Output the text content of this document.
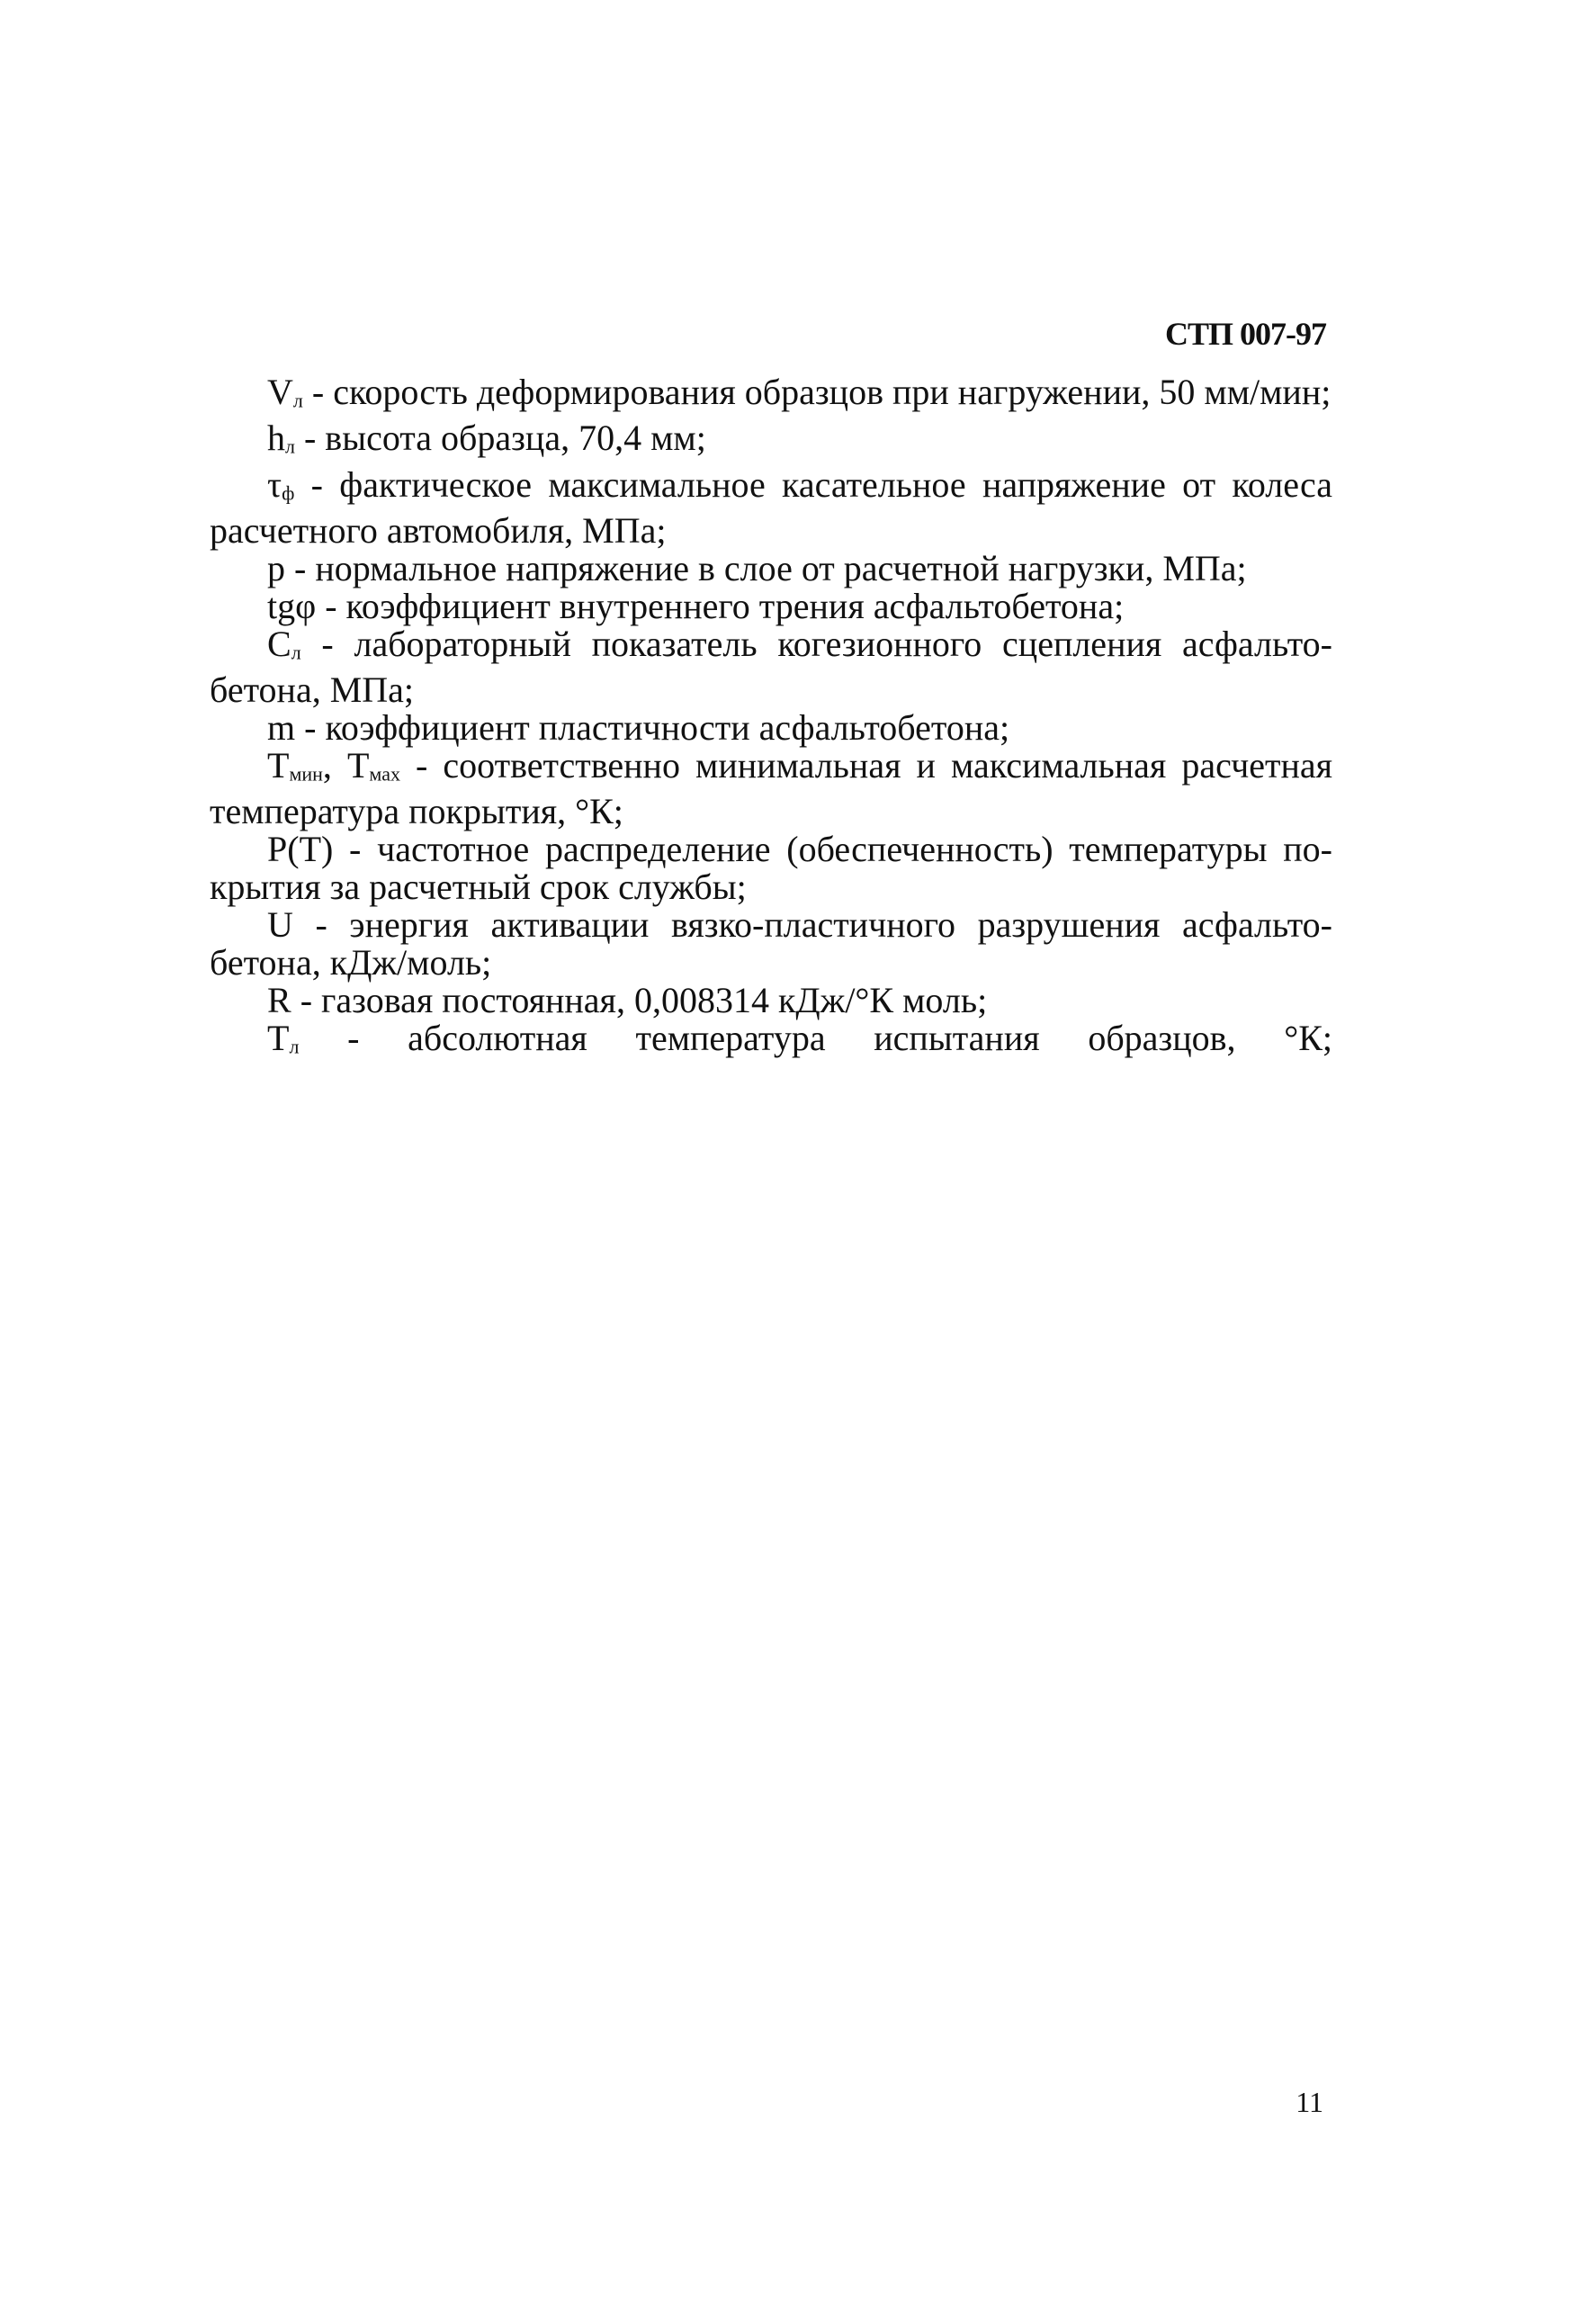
СТП 007-97

Vл - скорость деформирования образцов при нагружении, 50 мм/мин;

hл - высота образца, 70,4 мм;

τф - фактическое максимальное касательное напряжение от колеса расчетного автомобиля, МПа;

p - нормальное напряжение в слое от расчетной нагрузки, МПа;

tgφ - коэффициент внутреннего трения асфальтобетона;

Cл - лабораторный показатель когезионного сцепления асфальто-бетона, МПа;

m - коэффициент пластичности асфальтобетона;

Tмин, Tмах - соответственно минимальная и максимальная расчетная температура покрытия, °К;

P(T) - частотное распределение (обеспеченность) температуры по-крытия за расчетный срок службы;

U - энергия активации вязко-пластичного разрушения асфальто-бетона, кДж/моль;

R - газовая постоянная, 0,008314 кДж/°К моль;

Tл - абсолютная температура испытания образцов, °К;

11
